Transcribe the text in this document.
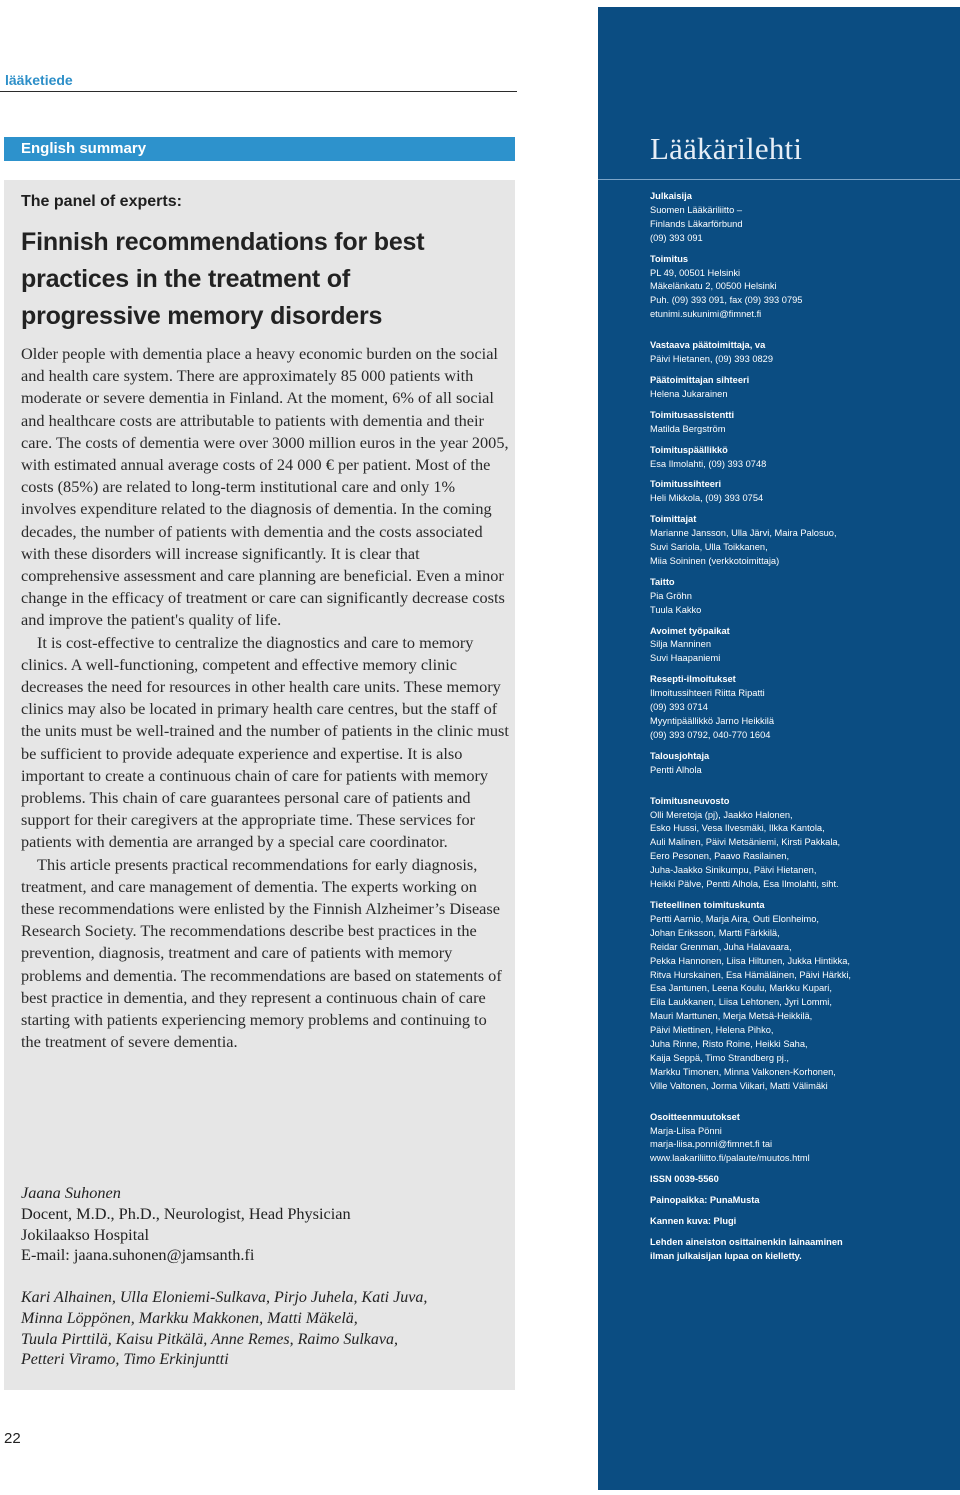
lääketiede
English summary
The panel of experts:
Finnish recommendations for best
practices in the treatment of
progressive memory disorders

Older people with dementia place a heavy economic burden on the social and health care system. There are approximately 85 000 patients with moderate or severe dementia in Finland. At the moment, 6% of all social and healthcare costs are attributable to patients with dementia and their care. The costs of dementia were over 3000 million euros in the year 2005, with estimated annual average costs of 24 000 € per patient. Most of the costs (85%) are related to long-term institutional care and only 1% involves expenditure related to the diagnosis of dementia. In the coming decades, the number of patients with dementia and the costs associated with these disorders will increase significantly. It is clear that comprehensive assessment and care planning are beneficial. Even a minor change in the efficacy of treatment or care can significantly decrease costs and improve the patient's quality of life.

It is cost-effective to centralize the diagnostics and care to memory clinics. A well-functioning, competent and effective memory clinic decreases the need for resources in other health care units. These memory clinics may also be located in primary health care centres, but the staff of the units must be well-trained and the number of patients in the clinic must be sufficient to provide adequate experience and expertise. It is also important to create a continuous chain of care for patients with memory problems. This chain of care guarantees personal care of patients and support for their caregivers at the appropriate time. These services for patients with dementia are arranged by a special care coordinator.

This article presents practical recommendations for early diagnosis, treatment, and care management of dementia. The experts working on these recommendations were enlisted by the Finnish Alzheimer’s Disease Research Society. The recommendations describe best practices in the prevention, diagnosis, treatment and care of patients with memory problems and dementia. The recommendations are based on statements of best practice in dementia, and they represent a continuous chain of care starting with patients experiencing memory problems and continuing to the treatment of severe dementia.

Jaana Suhonen
Docent, M.D., Ph.D., Neurologist, Head Physician
Jokilaakso Hospital
E-mail: jaana.suhonen@jamsanth.fi
Kari Alhainen, Ulla Eloniemi-Sulkava, Pirjo Juhela, Kati Juva,
Minna Löppönen, Markku Makkonen, Matti Mäkelä,
Tuula Pirttilä, Kaisu Pitkälä, Anne Remes, Raimo Sulkava,
Petteri Viramo, Timo Erkinjuntti
22
Lääkärilehti
Julkaisija
Suomen Lääkäriliitto –
Finlands Läkarförbund
(09) 393 091
Toimitus
PL 49, 00501 Helsinki
Mäkelänkatu 2, 00500 Helsinki
Puh. (09) 393 091, fax (09) 393 0795
etunimi.sukunimi@fimnet.fi
Vastaava päätoimittaja, va
Päivi Hietanen, (09) 393 0829
Päätoimittajan sihteeri
Helena Jukarainen
Toimitusassistentti
Matilda Bergström
Toimituspäällikkö
Esa Ilmolahti, (09) 393 0748
Toimitussihteeri
Heli Mikkola, (09) 393 0754
Toimittajat
Marianne Jansson, Ulla Järvi, Maira Palosuo,
Suvi Sariola, Ulla Toikkanen,
Miia Soininen (verkkotoimittaja)
Taitto
Pia Gröhn
Tuula Kakko
Avoimet työpaikat
Silja Manninen
Suvi Haapaniemi
Resepti-ilmoitukset
Ilmoitussihteeri Riitta Ripatti
(09) 393 0714
Myyntipäällikkö Jarno Heikkilä
(09) 393 0792, 040-770 1604
Talousjohtaja
Pentti Alhola
Toimitusneuvosto
Olli Meretoja (pj), Jaakko Halonen,
Esko Hussi, Vesa Ilvesmäki, Ilkka Kantola,
Auli Malinen, Päivi Metsäniemi, Kirsti Pakkala,
Eero Pesonen, Paavo Rasilainen,
Juha-Jaakko Sinikumpu, Päivi Hietanen,
Heikki Pälve, Pentti Alhola, Esa Ilmolahti, siht.
Tieteellinen toimituskunta
Pertti Aarnio, Marja Aira, Outi Elonheimo,
Johan Eriksson, Martti Färkkilä,
Reidar Grenman, Juha Halavaara,
Pekka Hannonen, Liisa Hiltunen, Jukka Hintikka,
Ritva Hurskainen, Esa Hämäläinen, Päivi Härkki,
Esa Jantunen, Leena Koulu, Markku Kupari,
Eila Laukkanen, Liisa Lehtonen, Jyri Lommi,
Mauri Marttunen, Merja Metsä-Heikkilä,
Päivi Miettinen, Helena Pihko,
Juha Rinne, Risto Roine, Heikki Saha,
Kaija Seppä, Timo Strandberg pj.,
Markku Timonen, Minna Valkonen-Korhonen,
Ville Valtonen, Jorma Viikari, Matti Välimäki
Osoitteenmuutokset
Marja-Liisa Pönni
marja-liisa.ponni@fimnet.fi tai
www.laakariliitto.fi/palaute/muutos.html
ISSN 0039-5560
Painopaikka: PunaMusta
Kannen kuva: Plugi
Lehden aineiston osittainenkin lainaaminen
ilman julkaisijan lupaa on kielletty.
